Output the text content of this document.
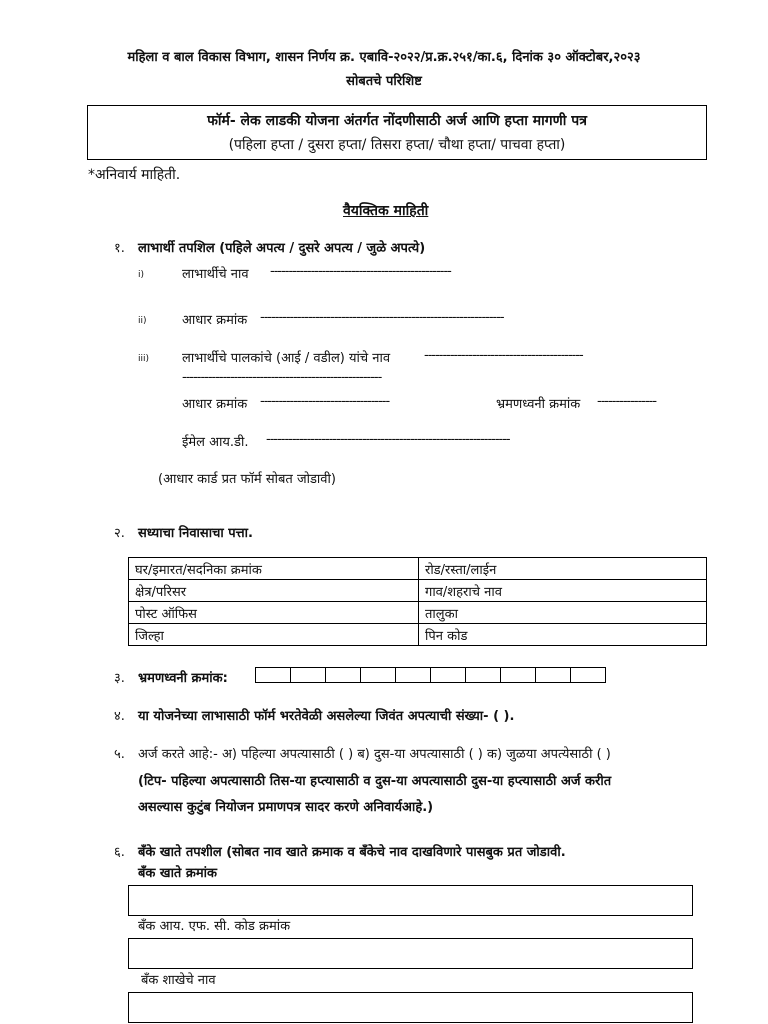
महिला व बाल विकास विभाग, शासन निर्णय क्र. एबावि-२०२२/प्र.क्र.२५१/का.६, दिनांक ३० ऑक्टोबर,२०२३
सोबतचे परिशिष्ट
फॉर्म- लेक लाडकी योजना अंतर्गत नोंदणीसाठी अर्ज आणि हप्ता मागणी पत्र
(पहिला हप्ता / दुसरा हप्ता/ तिसरा हप्ता/ चौथा हप्ता/ पाचवा हप्ता)
*अनिवार्य माहिती.
वैयक्तिक माहिती
१. लाभार्थी तपशिल (पहिले अपत्य / दुसरे अपत्य / जुळे अपत्ये)
i)	लाभार्थीचे नाव -------------------------------------------------
ii)	आधार क्रमांक ------------------------------------------------------------------
iii)	लाभार्थीचे पालकांचे (आई / वडील) यांचे नाव	-------------------------------------------
------------------------------------------------------
आधार क्रमांक -----------------------------------	भ्रमणध्वनी क्रमांक ----------------
ईमेल आय.डी. ------------------------------------------------------------------
(आधार कार्ड प्रत फॉर्म सोबत जोडावी)
२. सध्याचा निवासाचा पत्ता.
घर/इमारत/सदनिका क्रमांक	रोड/रस्ता/लाईन
क्षेत्र/परिसर	गाव/शहराचे नाव
पोस्ट ऑफिस	तालुका
जिल्हा	पिन कोड
३. भ्रमणध्वनी क्रमांक:
४. या योजनेच्या लाभासाठी फॉर्म भरतेवेळी असलेल्या जिवंत अपत्याची संख्या- ( ).
५. अर्ज करते आहे:- अ) पहिल्या अपत्यासाठी ( ) ब) दुस-या अपत्यासाठी ( ) क) जुळया अपत्येसाठी ( )
(टिप- पहिल्या अपत्यासाठी तिस-या हप्त्यासाठी व दुस-या अपत्यासाठी दुस-या हप्त्यासाठी अर्ज करीत
असल्यास कुटुंब नियोजन प्रमाणपत्र सादर करणे अनिवार्यआहे.)
६. बँके खाते तपशील (सोबत नाव खाते क्रमाक व बँकेचे नाव दाखविणारे पासबुक प्रत जोडावी.
बँक खाते क्रमांक
बँक आय. एफ. सी. कोड क्रमांक
बँक शाखेचे नाव
